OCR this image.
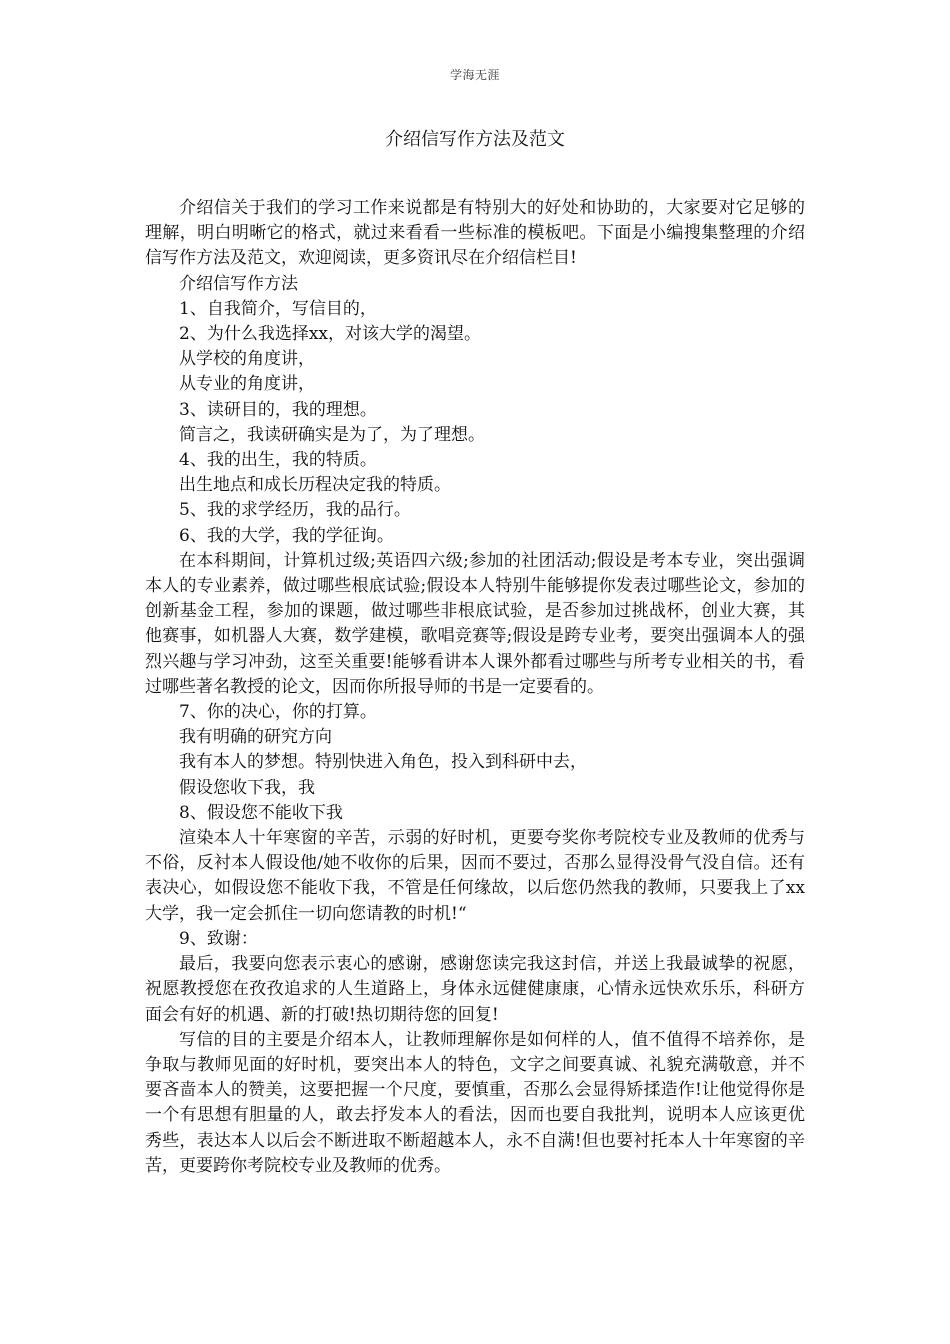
学海无涯
介绍信写作方法及范文

介绍信关于我们的学习工作来说都是有特别大的好处和协助的，大家要对它足够的理解，明白明晰它的格式，就过来看看一些标准的模板吧。下面是小编搜集整理的介绍信写作方法及范文，欢迎阅读，更多资讯尽在介绍信栏目!

介绍信写作方法

1、自我简介，写信目的，

2、为什么我选择xx，对该大学的渴望。

从学校的角度讲，

从专业的角度讲，

3、读研目的，我的理想。

简言之，我读研确实是为了，为了理想。

4、我的出生，我的特质。

出生地点和成长历程决定我的特质。

5、我的求学经历，我的品行。

6、我的大学，我的学征询。

在本科期间，计算机过级;英语四六级;参加的社团活动;假设是考本专业，突出强调本人的专业素养，做过哪些根底试验;假设本人特别牛能够提你发表过哪些论文，参加的创新基金工程，参加的课题，做过哪些非根底试验，是否参加过挑战杯，创业大赛，其他赛事，如机器人大赛，数学建模，歌唱竞赛等;假设是跨专业考，要突出强调本人的强烈兴趣与学习冲劲，这至关重要!能够看讲本人课外都看过哪些与所考专业相关的书，看过哪些著名教授的论文，因而你所报导师的书是一定要看的。

7、你的决心，你的打算。

我有明确的研究方向

我有本人的梦想。特别快进入角色，投入到科研中去，

假设您收下我，我

8、假设您不能收下我

渲染本人十年寒窗的辛苦，示弱的好时机，更要夸奖你考院校专业及教师的优秀与不俗，反衬本人假设他/她不收你的后果，因而不要过，否那么显得没骨气没自信。还有表决心，如假设您不能收下我，不管是任何缘故，以后您仍然我的教师，只要我上了xx大学，我一定会抓住一切向您请教的时机!“

9、致谢：

最后，我要向您表示衷心的感谢，感谢您读完我这封信，并送上我最诚挚的祝愿，祝愿教授您在孜孜追求的人生道路上，身体永远健健康康，心情永远快欢乐乐，科研方面会有好的机遇、新的打破!热切期待您的回复!

写信的目的主要是介绍本人，让教师理解你是如何样的人，值不值得不培养你，是争取与教师见面的好时机，要突出本人的特色，文字之间要真诚、礼貌充满敬意，并不要吝啬本人的赞美，这要把握一个尺度，要慎重，否那么会显得矫揉造作!让他觉得你是一个有思想有胆量的人，敢去抒发本人的看法，因而也要自我批判，说明本人应该更优秀些，表达本人以后会不断进取不断超越本人，永不自满!但也要衬托本人十年寒窗的辛苦，更要跨你考院校专业及教师的优秀。
